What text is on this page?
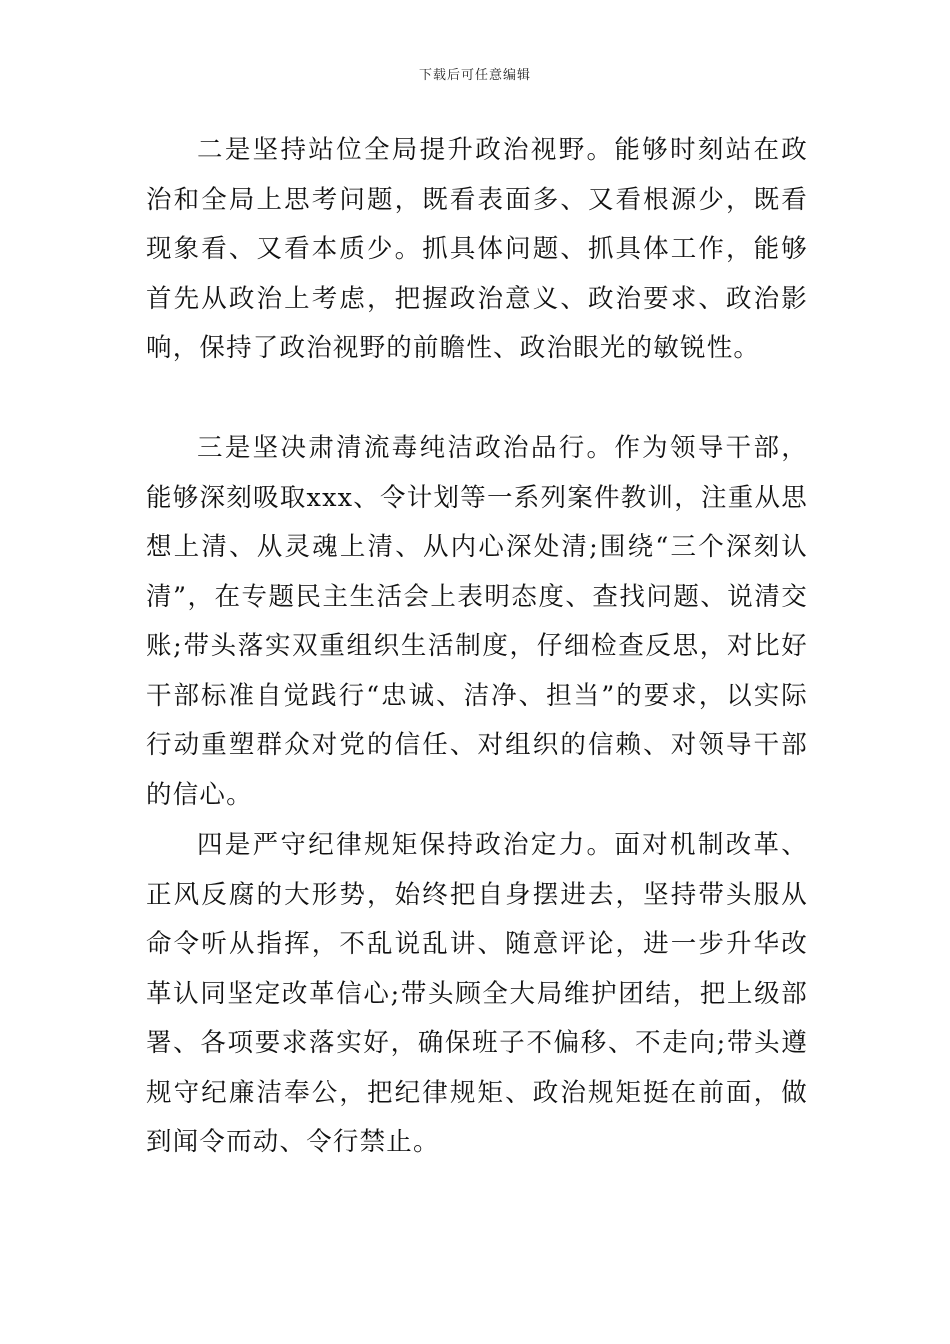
下载后可任意编辑

二是坚持站位全局提升政治视野。能够时刻站在政治和全局上思考问题，既看表面多、又看根源少，既看现象看、又看本质少。抓具体问题、抓具体工作，能够首先从政治上考虑，把握政治意义、政治要求、政治影响，保持了政治视野的前瞻性、政治眼光的敏锐性。

三是坚决肃清流毒纯洁政治品行。作为领导干部，能够深刻吸取xxx、令计划等一系列案件教训，注重从思想上清、从灵魂上清、从内心深处清;围绕“三个深刻认清”，在专题民主生活会上表明态度、查找问题、说清交账;带头落实双重组织生活制度，仔细检查反思，对比好干部标准自觉践行“忠诚、洁净、担当”的要求，以实际行动重塑群众对党的信任、对组织的信赖、对领导干部的信心。

四是严守纪律规矩保持政治定力。面对机制改革、正风反腐的大形势，始终把自身摆进去，坚持带头服从命令听从指挥，不乱说乱讲、随意评论，进一步升华改革认同坚定改革信心;带头顾全大局维护团结，把上级部署、各项要求落实好，确保班子不偏移、不走向;带头遵规守纪廉洁奉公，把纪律规矩、政治规矩挺在前面，做到闻令而动、令行禁止。
